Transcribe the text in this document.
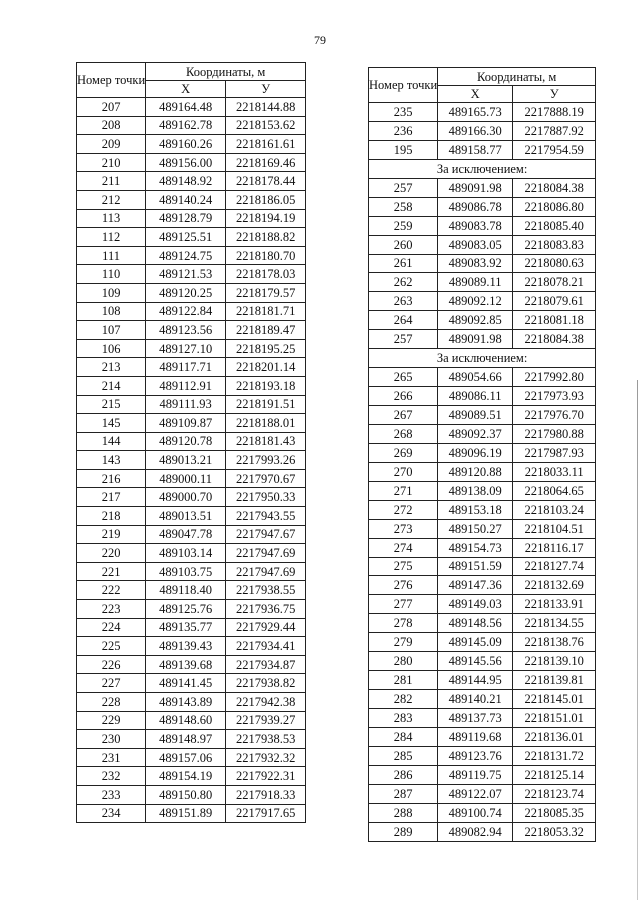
79
Номер точки	Координаты, м	
	X	У
207	489164.48	2218144.88
208	489162.78	2218153.62
209	489160.26	2218161.61
210	489156.00	2218169.46
211	489148.92	2218178.44
212	489140.24	2218186.05
113	489128.79	2218194.19
112	489125.51	2218188.82
111	489124.75	2218180.70
110	489121.53	2218178.03
109	489120.25	2218179.57
108	489122.84	2218181.71
107	489123.56	2218189.47
106	489127.10	2218195.25
213	489117.71	2218201.14
214	489112.91	2218193.18
215	489111.93	2218191.51
145	489109.87	2218188.01
144	489120.78	2218181.43
143	489013.21	2217993.26
216	489000.11	2217970.67
217	489000.70	2217950.33
218	489013.51	2217943.55
219	489047.78	2217947.67
220	489103.14	2217947.69
221	489103.75	2217947.69
222	489118.40	2217938.55
223	489125.76	2217936.75
224	489135.77	2217929.44
225	489139.43	2217934.41
226	489139.68	2217934.87
227	489141.45	2217938.82
228	489143.89	2217942.38
229	489148.60	2217939.27
230	489148.97	2217938.53
231	489157.06	2217932.32
232	489154.19	2217922.31
233	489150.80	2217918.33
234	489151.89	2217917.65
Номер точки	Координаты, м	
	X	У
235	489165.73	2217888.19
236	489166.30	2217887.92
195	489158.77	2217954.59
За исключением:		
257	489091.98	2218084.38
258	489086.78	2218086.80
259	489083.78	2218085.40
260	489083.05	2218083.83
261	489083.92	2218080.63
262	489089.11	2218078.21
263	489092.12	2218079.61
264	489092.85	2218081.18
257	489091.98	2218084.38
За исключением:		
265	489054.66	2217992.80
266	489086.11	2217973.93
267	489089.51	2217976.70
268	489092.37	2217980.88
269	489096.19	2217987.93
270	489120.88	2218033.11
271	489138.09	2218064.65
272	489153.18	2218103.24
273	489150.27	2218104.51
274	489154.73	2218116.17
275	489151.59	2218127.74
276	489147.36	2218132.69
277	489149.03	2218133.91
278	489148.56	2218134.55
279	489145.09	2218138.76
280	489145.56	2218139.10
281	489144.95	2218139.81
282	489140.21	2218145.01
283	489137.73	2218151.01
284	489119.68	2218136.01
285	489123.76	2218131.72
286	489119.75	2218125.14
287	489122.07	2218123.74
288	489100.74	2218085.35
289	489082.94	2218053.32
